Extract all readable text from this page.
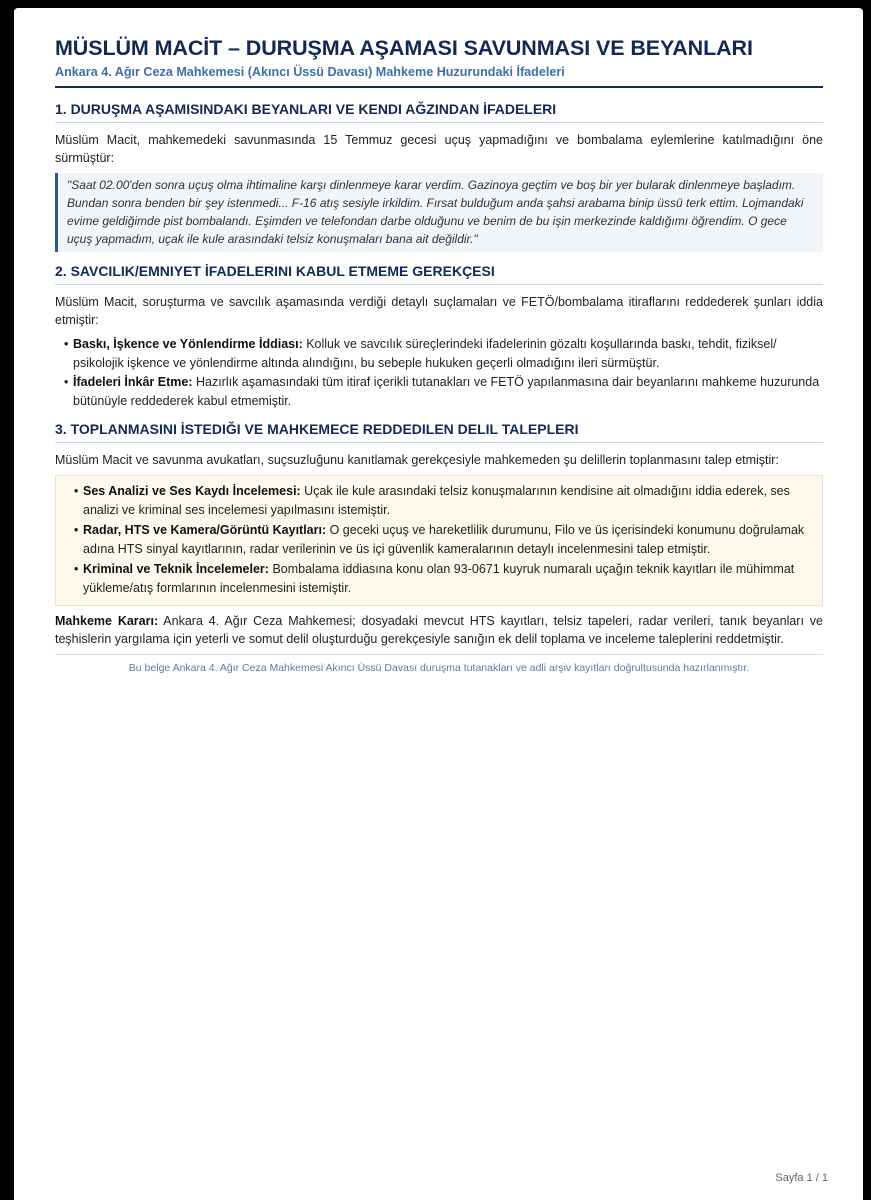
MÜSLÜM MACİT – DURUŞMA AŞAMASI SAVUNMASI VE BEYANLARI
Ankara 4. Ağır Ceza Mahkemesi (Akıncı Üssü Davası) Mahkeme Huzurundaki İfadeleri
1. DURUŞMA AŞAMISINDAKI BEYANLARI VE KENDI AĞZINDAN İFADELERI

Müslüm Macit, mahkemedeki savunmasında 15 Temmuz gecesi uçuş yapmadığını ve bombalama eylemlerine katılmadığını öne sürmüştür:

"Saat 02.00'den sonra uçuş olma ihtimaline karşı dinlenmeye karar verdim. Gazinoya geçtim ve boş bir yer bularak dinlenmeye başladım. Bundan sonra benden bir şey istenmedi... F-16 atış sesiyle irkildim. Fırsat bulduğum anda şahsi arabama binip üssü terk ettim. Lojmandaki evime geldiğimde pist bombalandı. Eşimden ve telefondan darbe olduğunu ve benim de bu işin merkezinde kaldığımı öğrendim. O gece uçuş yapmadım, uçak ile kule arasındaki telsiz konuşmaları bana ait değildir."
2. SAVCILIK/EMNIYET İFADELERINI KABUL ETMEME GEREKÇESI

Müslüm Macit, soruşturma ve savcılık aşamasında verdiği detaylı suçlamaları ve FETÖ/bombalama itiraflarını reddederek şunları iddia etmiştir:

• Baskı, İşkence ve Yönlendirme İddiası: Kolluk ve savcılık süreçlerindeki ifadelerinin gözaltı koşullarında baskı, tehdit, fiziksel/ psikolojik işkence ve yönlendirme altında alındığını, bu sebeple hukuken geçerli olmadığını ileri sürmüştür.
• İfadeleri İnkâr Etme: Hazırlık aşamasındaki tüm itiraf içerikli tutanakları ve FETÖ yapılanmasına dair beyanlarını mahkeme huzurunda bütünüyle reddederek kabul etmemiştir.
3. TOPLANMASINI İSTEDIĞI VE MAHKEMECE REDDEDILEN DELIL TALEPLERI

Müslüm Macit ve savunma avukatları, suçsuzluğunu kanıtlamak gerekçesiyle mahkemeden şu delillerin toplanmasını talep etmiştir:

• Ses Analizi ve Ses Kaydı İncelemesi: Uçak ile kule arasındaki telsiz konuşmalarının kendisine ait olmadığını iddia ederek, ses analizi ve kriminal ses incelemesi yapılmasını istemiştir.
• Radar, HTS ve Kamera/Görüntü Kayıtları: O geceki uçuş ve hareketlilik durumunu, Filo ve üs içerisindeki konumunu doğrulamak adına HTS sinyal kayıtlarının, radar verilerinin ve üs içi güvenlik kameralarının detaylı incelenmesini talep etmiştir.
• Kriminal ve Teknik İncelemeler: Bombalama iddiasına konu olan 93-0671 kuyruk numaralı uçağın teknik kayıtları ile mühimmat yükleme/atış formlarının incelenmesini istemiştir.

Mahkeme Kararı: Ankara 4. Ağır Ceza Mahkemesi; dosyadaki mevcut HTS kayıtları, telsiz tapeleri, radar verileri, tanık beyanları ve teşhislerin yargılama için yeterli ve somut delil oluşturduğu gerekçesiyle sanığın ek delil toplama ve inceleme taleplerini reddetmiştir.

Bu belge Ankara 4. Ağır Ceza Mahkemesi Akıncı Üssü Davası duruşma tutanakları ve adli arşiv kayıtları doğrultusunda hazırlanmıştır.
Sayfa 1 / 1
